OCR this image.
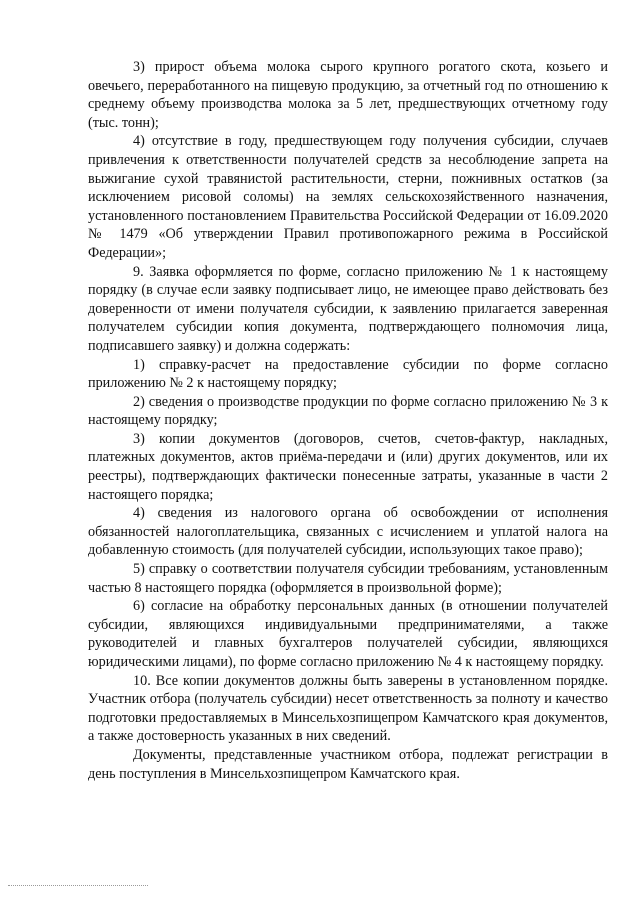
3) прирост объема молока сырого крупного рогатого скота, козьего и овечьего, переработанного на пищевую продукцию, за отчетный год по отношению к среднему объему производства молока за 5 лет, предшествующих отчетному году (тыс. тонн);

4) отсутствие в году, предшествующем году получения субсидии, случаев привлечения к ответственности получателей средств за несоблюдение запрета на выжигание сухой травянистой растительности, стерни, пожнивных остатков (за исключением рисовой соломы) на землях сельскохозяйственного назначения, установленного постановлением Правительства Российской Федерации от 16.09.2020 № 1479 «Об утверждении Правил противопожарного режима в Российской Федерации»;

9. Заявка оформляется по форме, согласно приложению № 1 к настоящему порядку (в случае если заявку подписывает лицо, не имеющее право действовать без доверенности от имени получателя субсидии, к заявлению прилагается заверенная получателем субсидии копия документа, подтверждающего полномочия лица, подписавшего заявку) и должна содержать:

1) справку-расчет на предоставление субсидии по форме согласно приложению № 2 к настоящему порядку;

2) сведения о производстве продукции по форме согласно приложению № 3 к настоящему порядку;

3) копии документов (договоров, счетов, счетов-фактур, накладных, платежных документов, актов приёма-передачи и (или) других документов, или их реестры), подтверждающих фактически понесенные затраты, указанные в части 2 настоящего порядка;

4) сведения из налогового органа об освобождении от исполнения обязанностей налогоплательщика, связанных с исчислением и уплатой налога на добавленную стоимость (для получателей субсидии, использующих такое право);

5) справку о соответствии получателя субсидии требованиям, установленным частью 8 настоящего порядка (оформляется в произвольной форме);

6) согласие на обработку персональных данных (в отношении получателей субсидии, являющихся индивидуальными предпринимателями, а также руководителей и главных бухгалтеров получателей субсидии, являющихся юридическими лицами), по форме согласно приложению № 4 к настоящему порядку.

10. Все копии документов должны быть заверены в установленном порядке. Участник отбора (получатель субсидии) несет ответственность за полноту и качество подготовки предоставляемых в Минсельхозпищепром Камчатского края документов, а также достоверность указанных в них сведений.

Документы, представленные участником отбора, подлежат регистрации в день поступления в Минсельхозпищепром Камчатского края.
